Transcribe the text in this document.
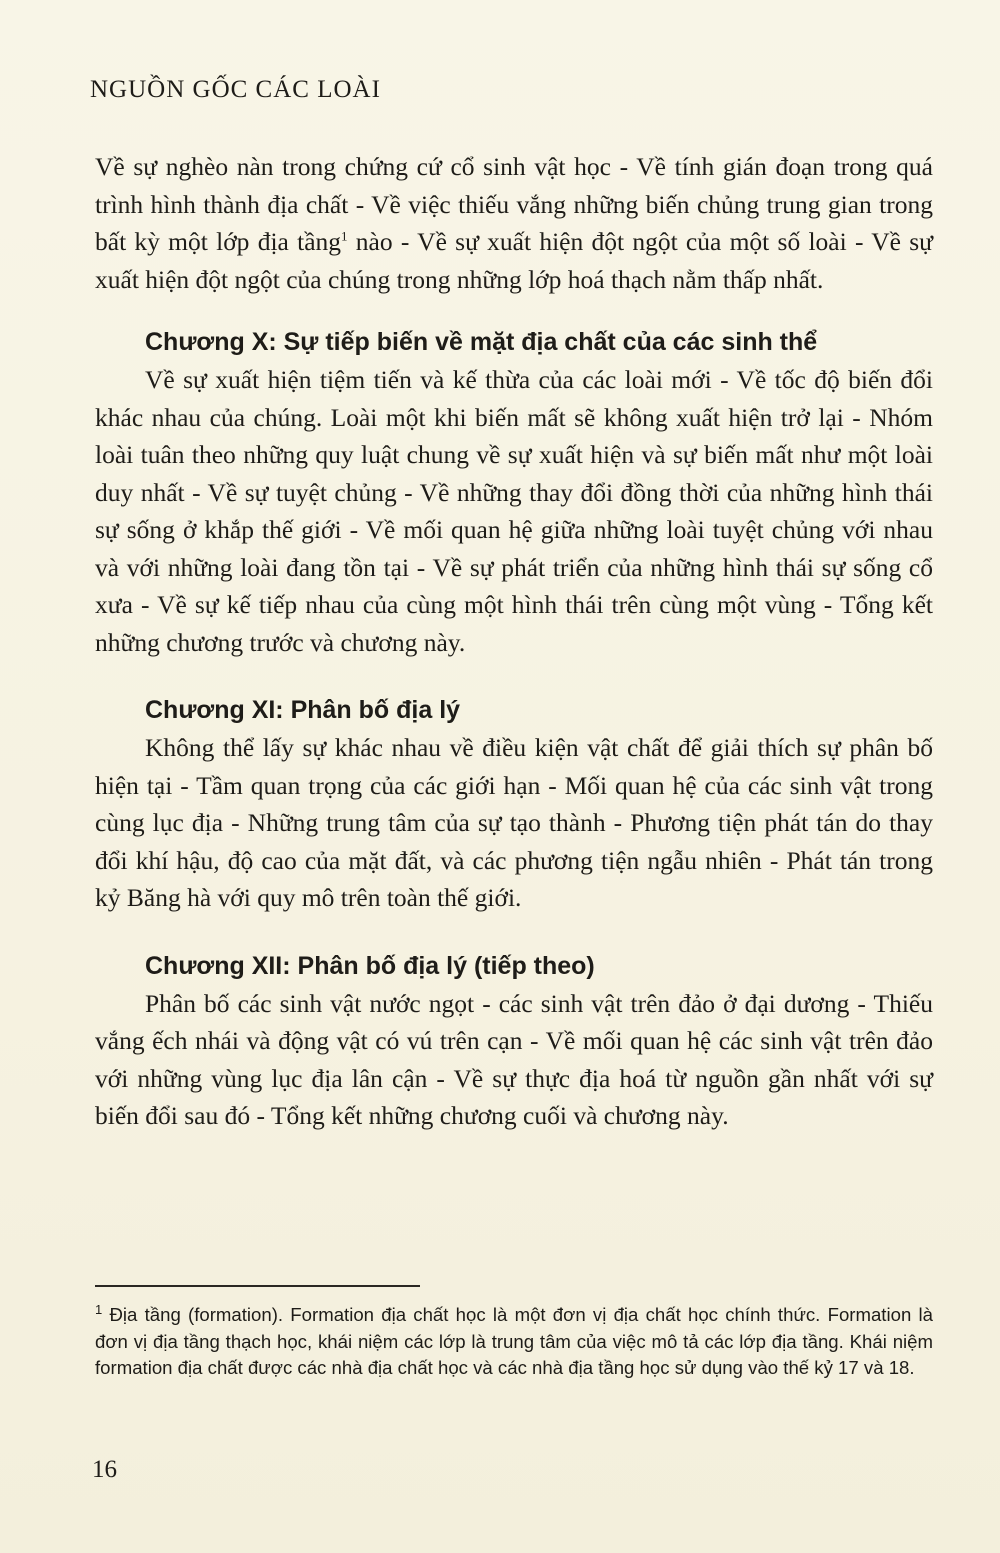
NGUỒN GỐC CÁC LOÀI

Về sự nghèo nàn trong chứng cứ cổ sinh vật học - Về tính gián đoạn trong quá trình hình thành địa chất - Về việc thiếu vắng những biến chủng trung gian trong bất kỳ một lớp địa tầng$^1$ nào - Về sự xuất hiện đột ngột của một số loài - Về sự xuất hiện đột ngột của chúng trong những lớp hoá thạch nằm thấp nhất.

Chương X: Sự tiếp biến về mặt địa chất của các sinh thể

Về sự xuất hiện tiệm tiến và kế thừa của các loài mới - Về tốc độ biến đổi khác nhau của chúng. Loài một khi biến mất sẽ không xuất hiện trở lại - Nhóm loài tuân theo những quy luật chung về sự xuất hiện và sự biến mất như một loài duy nhất - Về sự tuyệt chủng - Về những thay đổi đồng thời của những hình thái sự sống ở khắp thế giới - Về mối quan hệ giữa những loài tuyệt chủng với nhau và với những loài đang tồn tại - Về sự phát triển của những hình thái sự sống cổ xưa - Về sự kế tiếp nhau của cùng một hình thái trên cùng một vùng - Tổng kết những chương trước và chương này.

Chương XI: Phân bố địa lý

Không thể lấy sự khác nhau về điều kiện vật chất để giải thích sự phân bố hiện tại - Tầm quan trọng của các giới hạn - Mối quan hệ của các sinh vật trong cùng lục địa - Những trung tâm của sự tạo thành - Phương tiện phát tán do thay đổi khí hậu, độ cao của mặt đất, và các phương tiện ngẫu nhiên - Phát tán trong kỷ Băng hà với quy mô trên toàn thế giới.

Chương XII: Phân bố địa lý (tiếp theo)

Phân bố các sinh vật nước ngọt - các sinh vật trên đảo ở đại dương - Thiếu vắng ếch nhái và động vật có vú trên cạn - Về mối quan hệ các sinh vật trên đảo với những vùng lục địa lân cận - Về sự thực địa hoá từ nguồn gần nhất với sự biến đổi sau đó - Tổng kết những chương cuối và chương này.

$^1$ Địa tầng (formation). Formation địa chất học là một đơn vị địa chất học chính thức. Formation là đơn vị địa tầng thạch học, khái niệm các lớp là trung tâm của việc mô tả các lớp địa tầng. Khái niệm formation địa chất được các nhà địa chất học và các nhà địa tầng học sử dụng vào thế kỷ 17 và 18.

16
